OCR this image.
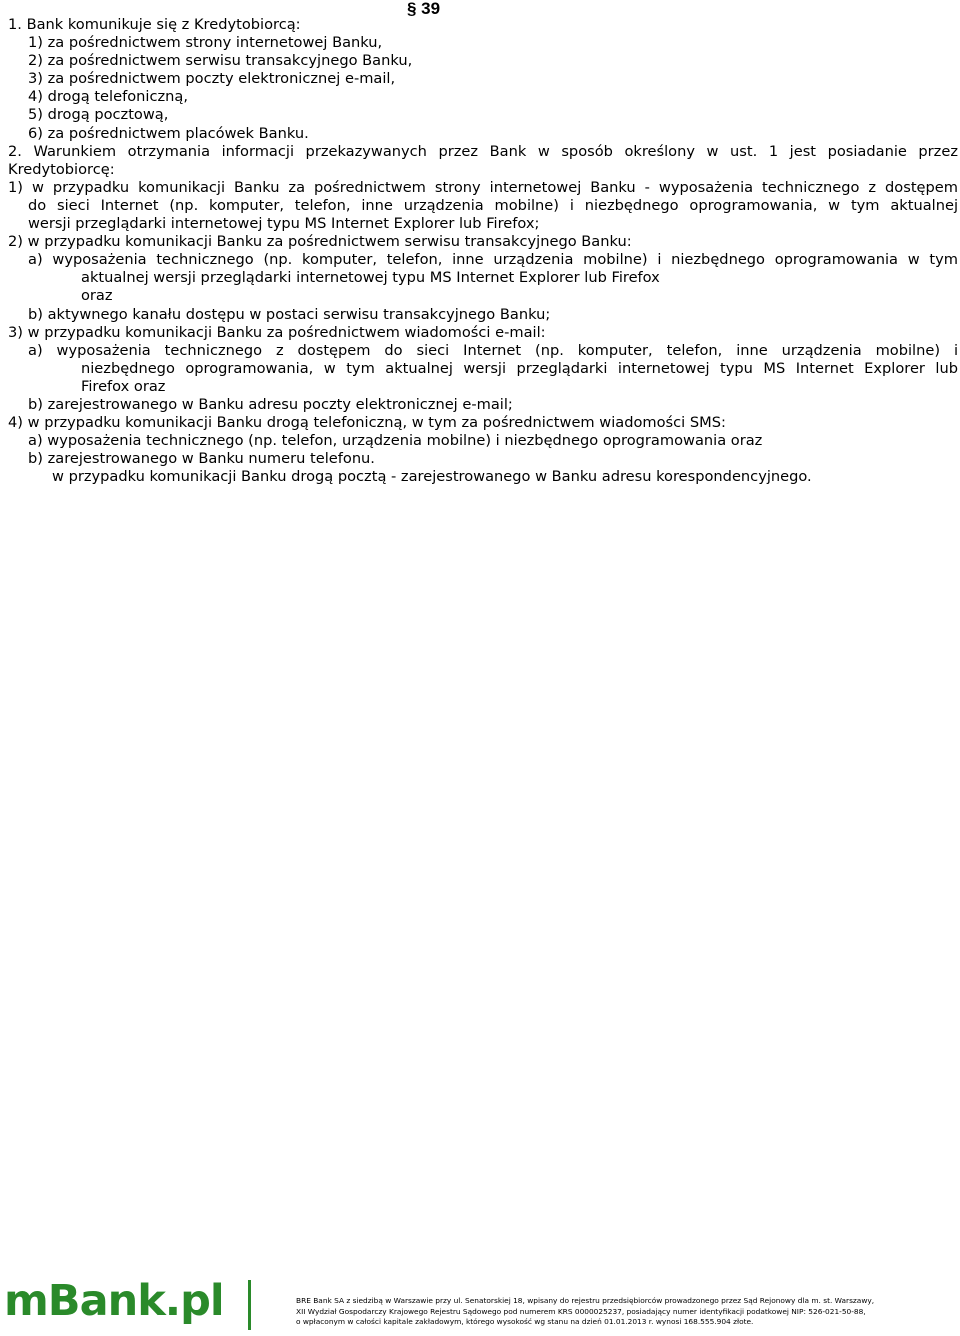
§ 39
1. Bank komunikuje się z Kredytobiorcą:
1) za pośrednictwem strony internetowej Banku,
2) za pośrednictwem serwisu transakcyjnego Banku,
3) za pośrednictwem poczty elektronicznej e-mail,
4) drogą telefoniczną,
5) drogą pocztową,
6) za pośrednictwem placówek Banku.
2. Warunkiem otrzymania informacji przekazywanych przez Bank w sposób określony w ust. 1 jest posiadanie przez
Kredytobiorcę:
1) w przypadku komunikacji Banku za pośrednictwem strony internetowej Banku - wyposażenia technicznego z dostępem
do sieci Internet (np. komputer, telefon, inne urządzenia mobilne) i niezbędnego oprogramowania, w tym aktualnej
wersji przeglądarki internetowej typu MS Internet Explorer lub Firefox;
2) w przypadku komunikacji Banku za pośrednictwem serwisu transakcyjnego Banku:
a) wyposażenia technicznego (np. komputer, telefon, inne urządzenia mobilne) i niezbędnego oprogramowania w tym
aktualnej wersji przeglądarki internetowej typu MS Internet Explorer lub Firefox
oraz
b) aktywnego kanału dostępu w postaci serwisu transakcyjnego Banku;
3) w przypadku komunikacji Banku za pośrednictwem wiadomości e-mail:
a) wyposażenia technicznego z dostępem do sieci Internet (np. komputer, telefon, inne urządzenia mobilne) i
niezbędnego oprogramowania, w tym aktualnej wersji przeglądarki internetowej typu MS Internet Explorer lub
Firefox oraz
b) zarejestrowanego w Banku adresu poczty elektronicznej e-mail;
4) w przypadku komunikacji Banku drogą telefoniczną, w tym za pośrednictwem wiadomości SMS:
a) wyposażenia technicznego (np. telefon, urządzenia mobilne) i niezbędnego oprogramowania oraz
b) zarejestrowanego w Banku numeru telefonu.
w przypadku komunikacji Banku drogą pocztą - zarejestrowanego w Banku adresu korespondencyjnego.
mBank.pl	BRE Bank SA z siedzibą w Warszawie przy ul. Senatorskiej 18, wpisany do rejestru przedsiębiorców prowadzonego przez Sąd Rejonowy dla m. st. Warszawy,
XII Wydział Gospodarczy Krajowego Rejestru Sądowego pod numerem KRS 0000025237, posiadający numer identyfikacji podatkowej NIP: 526-021-50-88,
o wpłaconym w całości kapitale zakładowym, którego wysokość wg stanu na dzień 01.01.2013 r. wynosi 168.555.904 złote.
